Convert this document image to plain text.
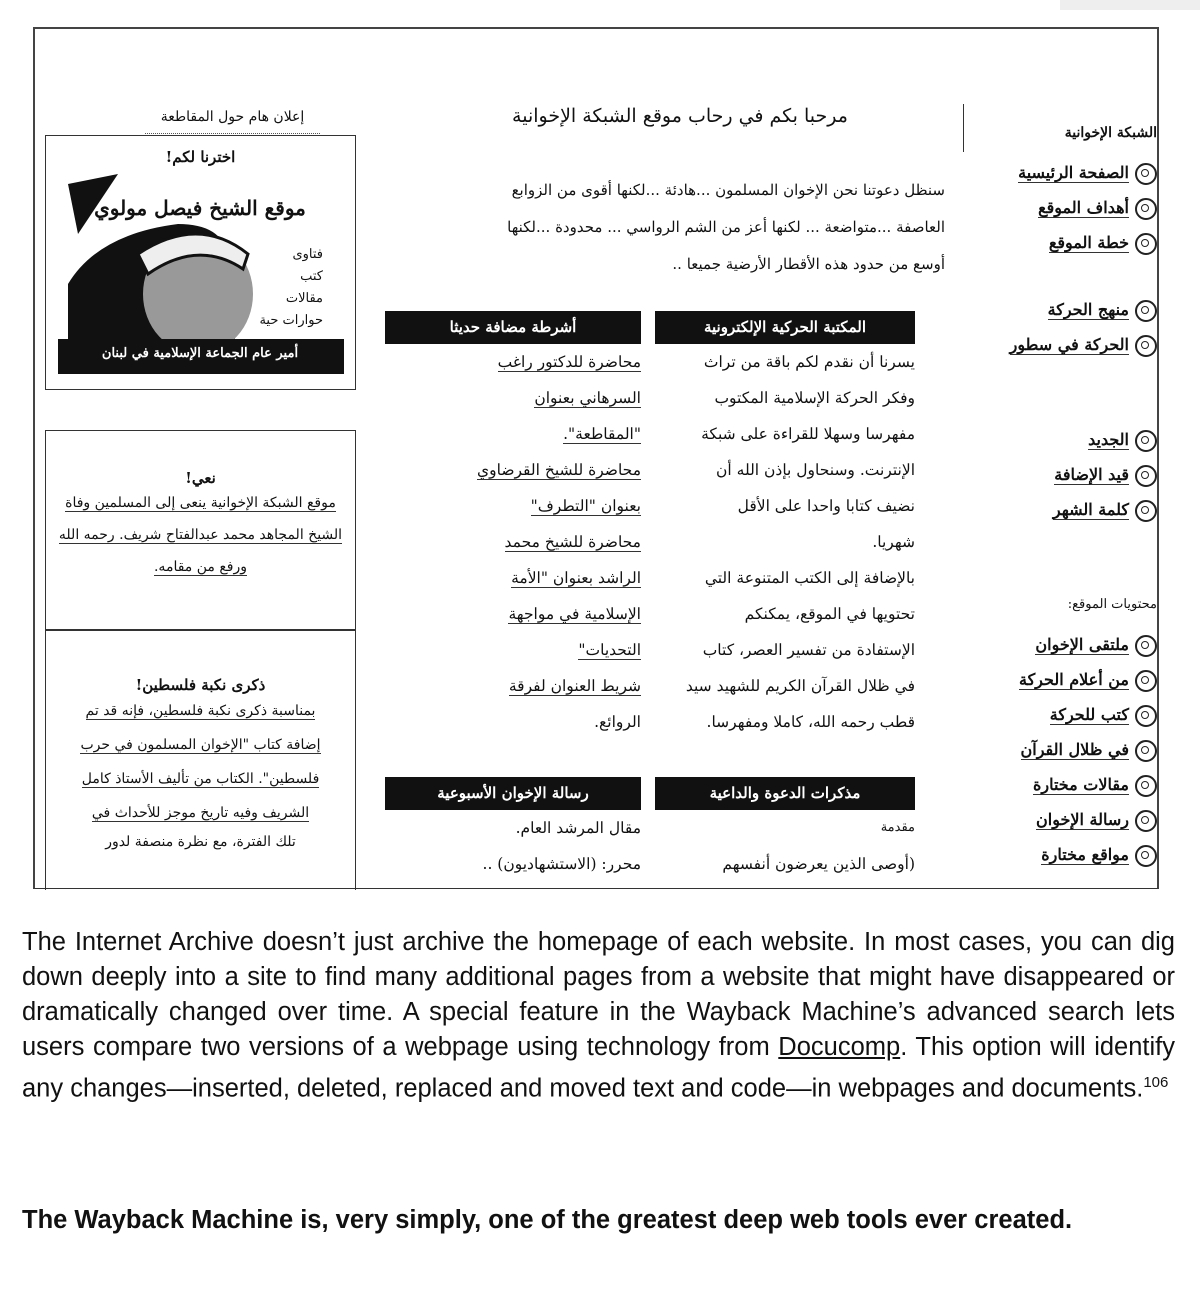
مرحبا بكم في رحاب موقع الشبكة الإخوانية
إعلان هام حول المقاطعة
اخترنا لكم!
موقع الشيخ فيصل مولوي
فتاوى
كتب
مقالات
حوارات حية
أمير عام الجماعة الإسلامية في لبنان
نعي!

موقع الشبكة الإخوانية ينعى إلى المسلمين وفاة

الشيخ المجاهد محمد عبدالفتاح شريف. رحمه الله

ورفع من مقامه.

ذكرى نكبة فلسطين!

بمناسبة ذكرى نكبة فلسطين، فإنه قد تم

إضافة كتاب "الإخوان المسلمون في حرب

فلسطين". الكتاب من تأليف الأستاذ كامل

الشريف وفيه تاريخ موجز للأحداث في

تلك الفترة، مع نظرة منصفة لدور

سنظل دعوتنا نحن الإخوان المسلمون ...هادئة ...لكنها أقوى من الزوابع
العاصفة ...متواضعة ... لكنها أعز من الشم الرواسي ... محدودة ...لكنها
أوسع من حدود هذه الأقطار الأرضية جميعا ..
المكتبة الحركية الإلكترونية
يسرنا أن نقدم لكم باقة من تراث
وفكر الحركة الإسلامية المكتوب
مفهرسا وسهلا للقراءة على شبكة
الإنترنت. وسنحاول بإذن الله أن
نضيف كتابا واحدا على الأقل
شهريا.
بالإضافة إلى الكتب المتنوعة التي
تحتويها في الموقع، يمكنكم
الإستفادة من تفسير العصر، كتاب
في ظلال القرآن الكريم للشهيد سيد
قطب رحمه الله، كاملا ومفهرسا.
أشرطة مضافة حديثا
محاضرة للدكتور راغب
السرهاني بعنوان
"المقاطعة".
محاضرة للشيخ القرضاوي
بعنوان "التطرف"
محاضرة للشيخ محمد
الراشد بعنوان "الأمة
الإسلامية في مواجهة
التحديات"
شريط العنوان لفرقة
الروائع.
مذكرات الدعوة والداعية
مقدمة
(أوصى الذين يعرضون أنفسهم
رسالة الإخوان الأسبوعية
مقال المرشد العام.
محرر: (الاستشهاديون) ..
الشبكة الإخوانية
الصفحة الرئيسية
أهداف الموقع
خطة الموقع
منهج الحركة
الحركة في سطور
الجديد
قيد الإضافة
كلمة الشهر
محتويات الموقع:
ملتقى الإخوان
من أعلام الحركة
كتب للحركة
في ظلال القرآن
مقالات مختارة
رسالة الإخوان
مواقع مختارة
The Internet Archive doesn’t just archive the homepage of each website. In most cases, you can dig down deeply into a site to find many additional pages from a website that might have disappeared or dramatically changed over time. A special feature in the Wayback Machine’s advanced search lets users compare two versions of a webpage using technology from Docucomp. This option will identify any changes—inserted, deleted, replaced and moved text and code—in webpages and documents.$^{106}$
The Wayback Machine is, very simply, one of the greatest deep web tools ever created.
